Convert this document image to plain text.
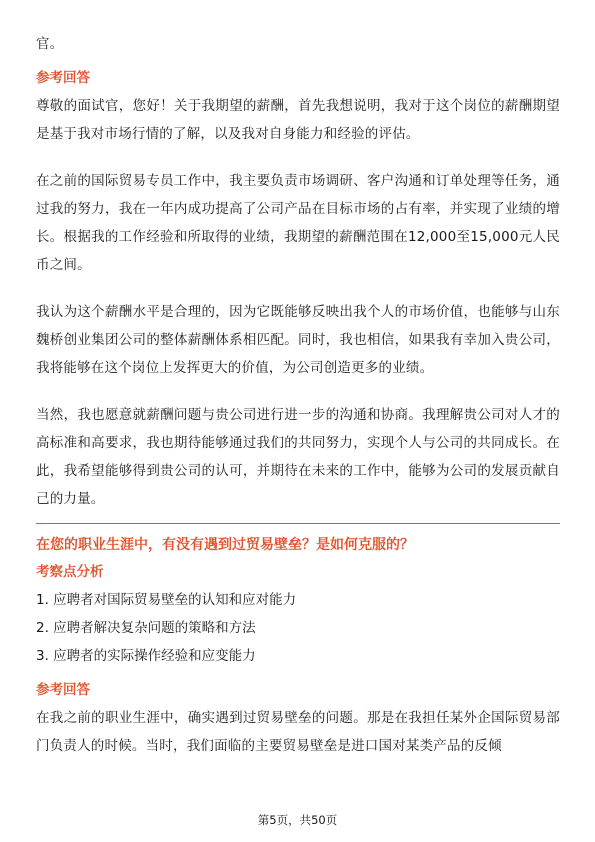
官。

参考回答

尊敬的面试官，您好！关于我期望的薪酬，首先我想说明，我对于这个岗位的薪酬期望是基于我对市场行情的了解，以及我对自身能力和经验的评估。

在之前的国际贸易专员工作中，我主要负责市场调研、客户沟通和订单处理等任务，通过我的努力，我在一年内成功提高了公司产品在目标市场的占有率，并实现了业绩的增长。根据我的工作经验和所取得的业绩，我期望的薪酬范围在12,000至15,000元人民币之间。

我认为这个薪酬水平是合理的，因为它既能够反映出我个人的市场价值，也能够与山东魏桥创业集团公司的整体薪酬体系相匹配。同时，我也相信，如果我有幸加入贵公司，我将能够在这个岗位上发挥更大的价值，为公司创造更多的业绩。

当然，我也愿意就薪酬问题与贵公司进行进一步的沟通和协商。我理解贵公司对人才的高标准和高要求，我也期待能够通过我们的共同努力，实现个人与公司的共同成长。在此，我希望能够得到贵公司的认可，并期待在未来的工作中，能够为公司的发展贡献自己的力量。

在您的职业生涯中，有没有遇到过贸易壁垒？是如何克服的？

考察点分析

1. 应聘者对国际贸易壁垒的认知和应对能力

2. 应聘者解决复杂问题的策略和方法

3. 应聘者的实际操作经验和应变能力

参考回答

在我之前的职业生涯中，确实遇到过贸易壁垒的问题。那是在我担任某外企国际贸易部门负责人的时候。当时，我们面临的主要贸易壁垒是进口国对某类产品的反倾

第5页，共50页
